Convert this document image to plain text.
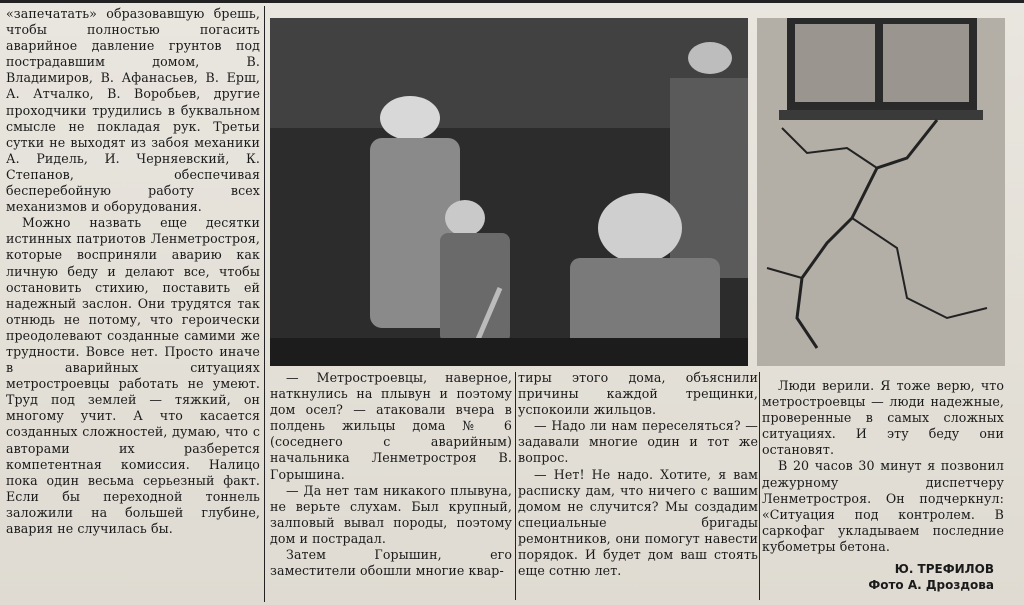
«запечатать» образовавшую брешь, чтобы полностью погасить аварийное давление грунтов под пострадавшим домом, В. Владимиров, В. Афанасьев, В. Ерш, А. Атчалко, В. Воробьев, другие проходчики трудились в буквальном смысле не покладая рук. Третьи сутки не выходят из забоя механики А. Ридель, И. Черняевский, К. Степанов, обеспечивая бесперебойную работу всех механизмов и оборудования.

Можно назвать еще десятки истинных патриотов Ленметростроя, которые восприняли аварию как личную беду и делают все, чтобы остановить стихию, поставить ей надежный заслон. Они трудятся так отнюдь не потому, что героически преодолевают созданные самими же трудности. Вовсе нет. Просто иначе в аварийных ситуациях метростроевцы работать не умеют. Труд под землей — тяжкий, он многому учит. А что касается созданных сложностей, думаю, что с авторами их разберется компетентная комиссия. Налицо пока один весьма серьезный факт. Если бы переходной тоннель заложили на большей глубине, авария не случилась бы.

— Метростроевцы, наверное, наткнулись на плывун и поэтому дом осел? — атаковали вчера в полдень жильцы дома № 6 (соседнего с аварийным) начальника Ленметростроя В. Горышина.

— Да нет там никакого плывуна, не верьте слухам. Был крупный, залповый вывал породы, поэтому дом и пострадал.

Затем Горышин, его заместители обошли многие квар-

тиры этого дома, объяснили причины каждой трещинки, успокоили жильцов.

— Надо ли нам переселяться? — задавали многие один и тот же вопрос.

— Нет! Не надо. Хотите, я вам расписку дам, что ничего с вашим домом не случится? Мы создадим специальные бригады ремонтников, они помогут навести порядок. И будет дом ваш стоять еще сотню лет.

Люди верили. Я тоже верю, что метростроевцы — люди надежные, проверенные в самых сложных ситуациях. И эту беду они остановят.

В 20 часов 30 минут я позвонил дежурному диспетчеру Ленметростроя. Он подчеркнул: «Ситуация под контролем. В саркофаг укладываем последние кубометры бетона.

Ю. ТРЕФИЛОВ
Фото А. Дроздова
